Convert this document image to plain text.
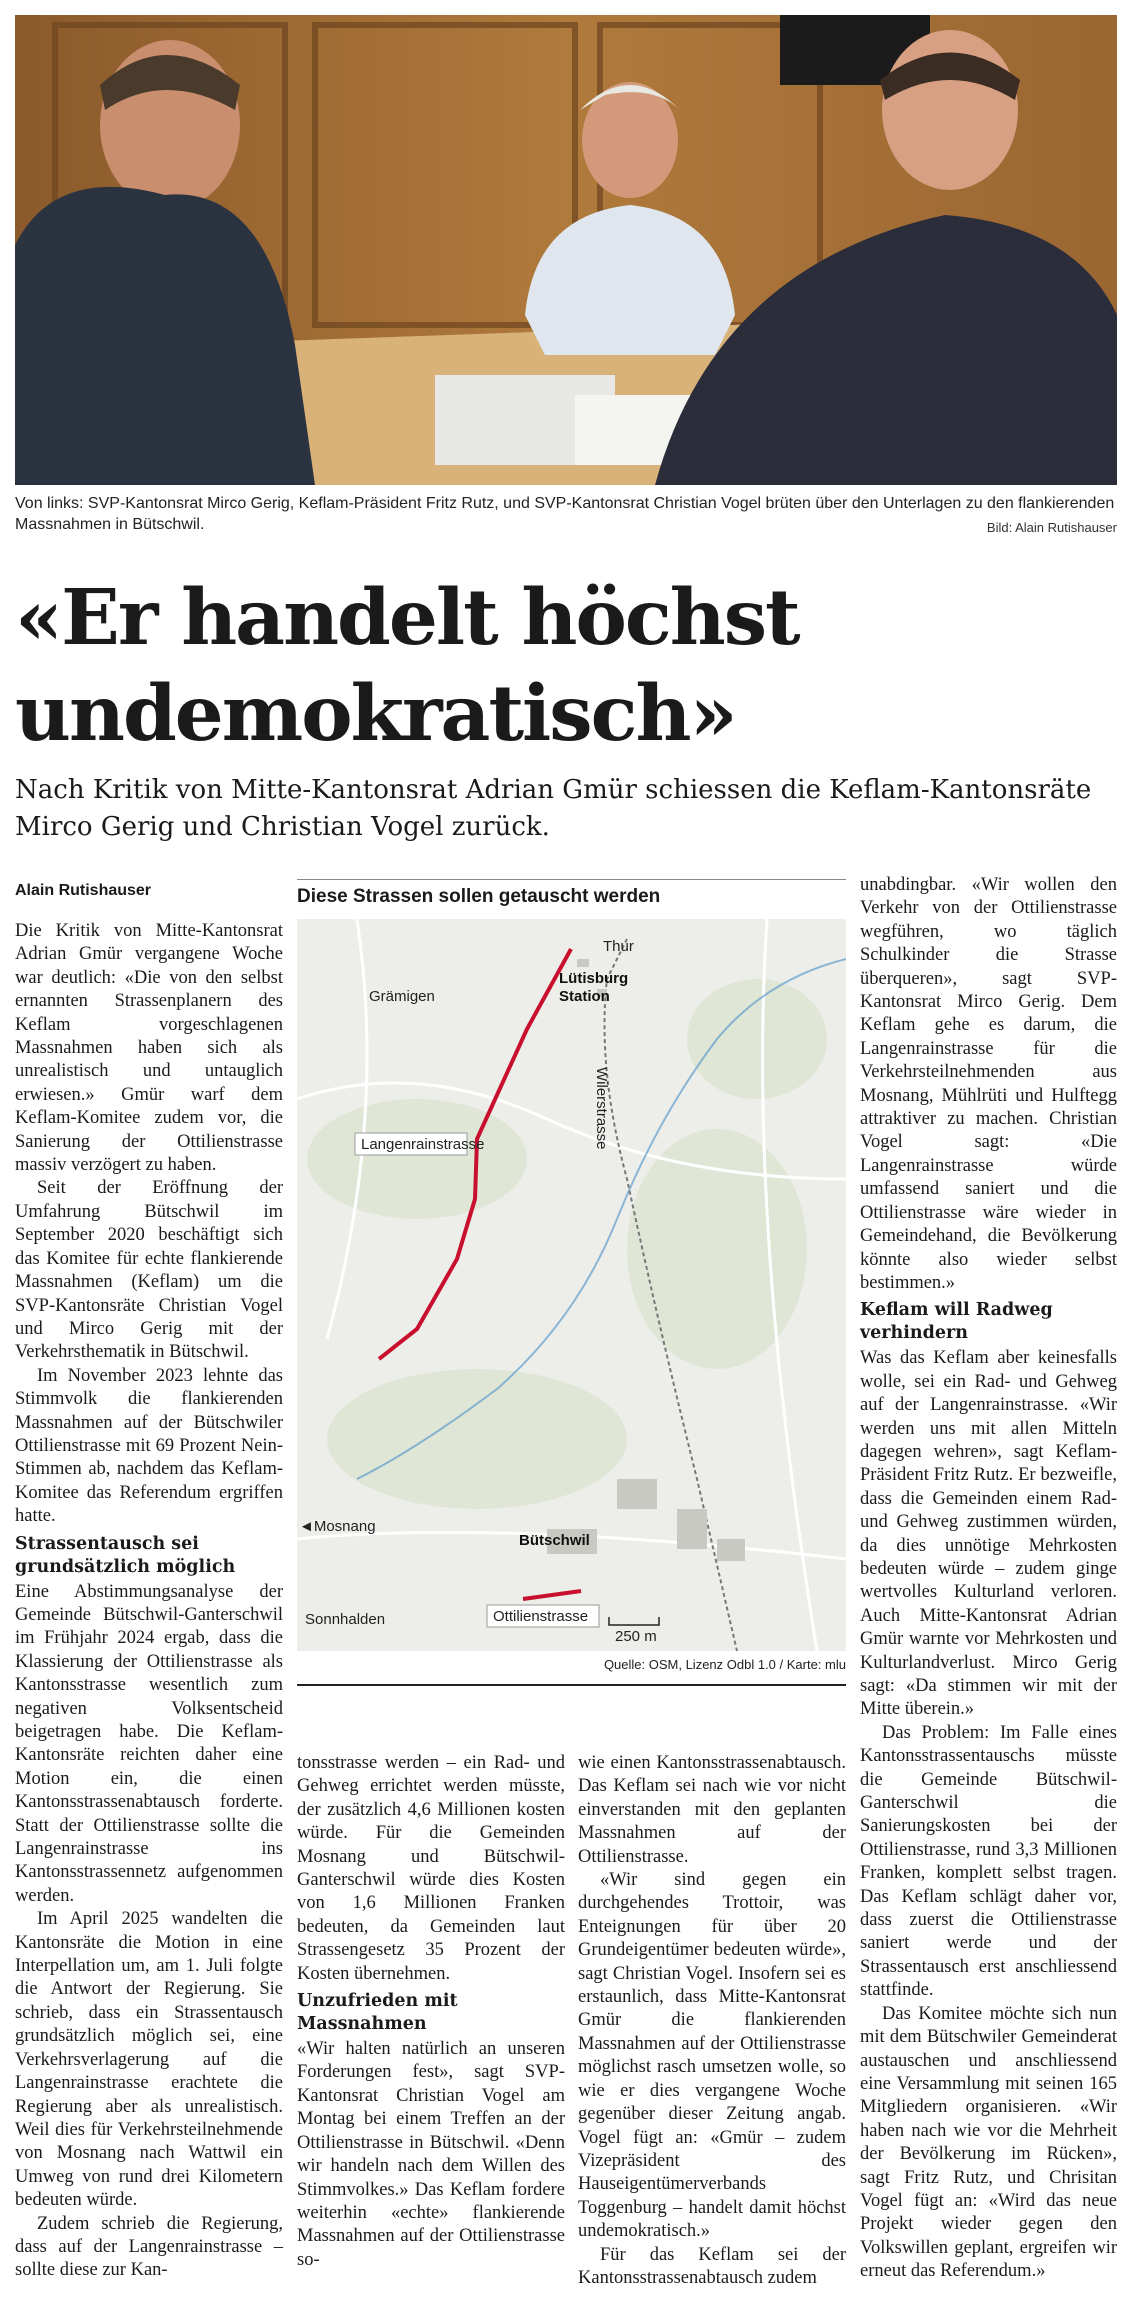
Von links: SVP-Kantonsrat Mirco Gerig, Keflam-Präsident Fritz Rutz, und SVP-Kantonsrat Christian Vogel brüten über den Unterlagen zu den flankierenden Massnahmen in Bütschwil.	Bild: Alain Rutishauser
«Er handelt höchst undemokratisch»

Nach Kritik von Mitte-Kantonsrat Adrian Gmür schiessen die Keflam-Kantonsräte Mirco Gerig und Christian Vogel zurück.

Alain Rutishauser

Die Kritik von Mitte-Kantonsrat Adrian Gmür vergangene Woche war deutlich: «Die von den selbst ernannten Strassenplanern des Keflam vorgeschlagenen Massnahmen haben sich als unrealistisch und untauglich erwiesen.» Gmür warf dem Keflam-Komitee zudem vor, die Sanierung der Ottilienstrasse massiv verzögert zu haben.

Seit der Eröffnung der Umfahrung Bütschwil im September 2020 beschäftigt sich das Komitee für echte flankierende Massnahmen (Keflam) um die SVP-Kantonsräte Christian Vogel und Mirco Gerig mit der Verkehrsthematik in Bütschwil.

Im November 2023 lehnte das Stimmvolk die flankierenden Massnahmen auf der Bütschwiler Ottilienstrasse mit 69 Prozent Nein-Stimmen ab, nachdem das Keflam-Komitee das Referendum ergriffen hatte.

Strassentausch sei grundsätzlich möglich

Eine Abstimmungsanalyse der Gemeinde Bütschwil-Ganterschwil im Frühjahr 2024 ergab, dass die Klassierung der Ottilienstrasse als Kantonsstrasse wesentlich zum negativen Volksentscheid beigetragen habe. Die Keflam-Kantonsräte reichten daher eine Motion ein, die einen Kantonsstrassenabtausch forderte. Statt der Ottilienstrasse sollte die Langenrainstrasse ins Kantonsstrassennetz aufgenommen werden.

Im April 2025 wandelten die Kantonsräte die Motion in eine Interpellation um, am 1. Juli folgte die Antwort der Regierung. Sie schrieb, dass ein Strassentausch grundsätzlich möglich sei, eine Verkehrsverlagerung auf die Langenrainstrasse erachtete die Regierung aber als unrealistisch. Weil dies für Verkehrsteilnehmende von Mosnang nach Wattwil ein Umweg von rund drei Kilometern bedeuten würde.

Zudem schrieb die Regierung, dass auf der Langenrainstrasse – sollte diese zur Kan-

Diese Strassen sollen getauscht werden
Thur
Lütisburg
Station
Grämigen
Wilerstrasse
Langenrainstrasse
◄Mosnang
Bütschwil
Ottilienstrasse
Sonnhalden
250 m
Quelle: OSM, Lizenz Odbl 1.0 / Karte: mlu

tonsstrasse werden – ein Rad- und Gehweg errichtet werden müsste, der zusätzlich 4,6 Millionen kosten würde. Für die Gemeinden Mosnang und Bütschwil-Ganterschwil würde dies Kosten von 1,6 Millionen Franken bedeuten, da Gemeinden laut Strassengesetz 35 Prozent der Kosten übernehmen.

Unzufrieden mit Massnahmen

«Wir halten natürlich an unseren Forderungen fest», sagt SVP-Kantonsrat Christian Vogel am Montag bei einem Treffen an der Ottilienstrasse in Bütschwil. «Denn wir handeln nach dem Willen des Stimmvolkes.» Das Keflam fordere weiterhin «echte» flankierende Massnahmen auf der Ottilienstrasse so-

wie einen Kantonsstrassenabtausch. Das Keflam sei nach wie vor nicht einverstanden mit den geplanten Massnahmen auf der Ottilienstrasse.

«Wir sind gegen ein durchgehendes Trottoir, was Enteignungen für über 20 Grundeigentümer bedeuten würde», sagt Christian Vogel. Insofern sei es erstaunlich, dass Mitte-Kantonsrat Gmür die flankierenden Massnahmen auf der Ottilienstrasse möglichst rasch umsetzen wolle, so wie er dies vergangene Woche gegenüber dieser Zeitung angab. Vogel fügt an: «Gmür – zudem Vizepräsident des Hauseigentümerverbands Toggenburg – handelt damit höchst undemokratisch.»

Für das Keflam sei der Kantonsstrassenabtausch zudem

unabdingbar. «Wir wollen den Verkehr von der Ottilienstrasse wegführen, wo täglich Schulkinder die Strasse überqueren», sagt SVP-Kantonsrat Mirco Gerig. Dem Keflam gehe es darum, die Langenrainstrasse für die Verkehrsteilnehmenden aus Mosnang, Mühlrüti und Hulftegg attraktiver zu machen. Christian Vogel sagt: «Die Langenrainstrasse würde umfassend saniert und die Ottilienstrasse wäre wieder in Gemeindehand, die Bevölkerung könnte also wieder selbst bestimmen.»

Keflam will Radweg verhindern

Was das Keflam aber keinesfalls wolle, sei ein Rad- und Gehweg auf der Langenrainstrasse. «Wir werden uns mit allen Mitteln dagegen wehren», sagt Keflam-Präsident Fritz Rutz. Er bezweifle, dass die Gemeinden einem Rad- und Gehweg zustimmen würden, da dies unnötige Mehrkosten bedeuten würde – zudem ginge wertvolles Kulturland verloren. Auch Mitte-Kantonsrat Adrian Gmür warnte vor Mehrkosten und Kulturlandverlust. Mirco Gerig sagt: «Da stimmen wir mit der Mitte überein.»

Das Problem: Im Falle eines Kantonsstrassentauschs müsste die Gemeinde Bütschwil-Ganterschwil die Sanierungskosten bei der Ottilienstrasse, rund 3,3 Millionen Franken, komplett selbst tragen. Das Keflam schlägt daher vor, dass zuerst die Ottilienstrasse saniert werde und der Strassentausch erst anschliessend stattfinde.

Das Komitee möchte sich nun mit dem Bütschwiler Gemeinderat austauschen und anschliessend eine Versammlung mit seinen 165 Mitgliedern organisieren. «Wir haben nach wie vor die Mehrheit der Bevölkerung im Rücken», sagt Fritz Rutz, und Chrisitan Vogel fügt an: «Wird das neue Projekt wieder gegen den Volkswillen geplant, ergreifen wir erneut das Referendum.»
